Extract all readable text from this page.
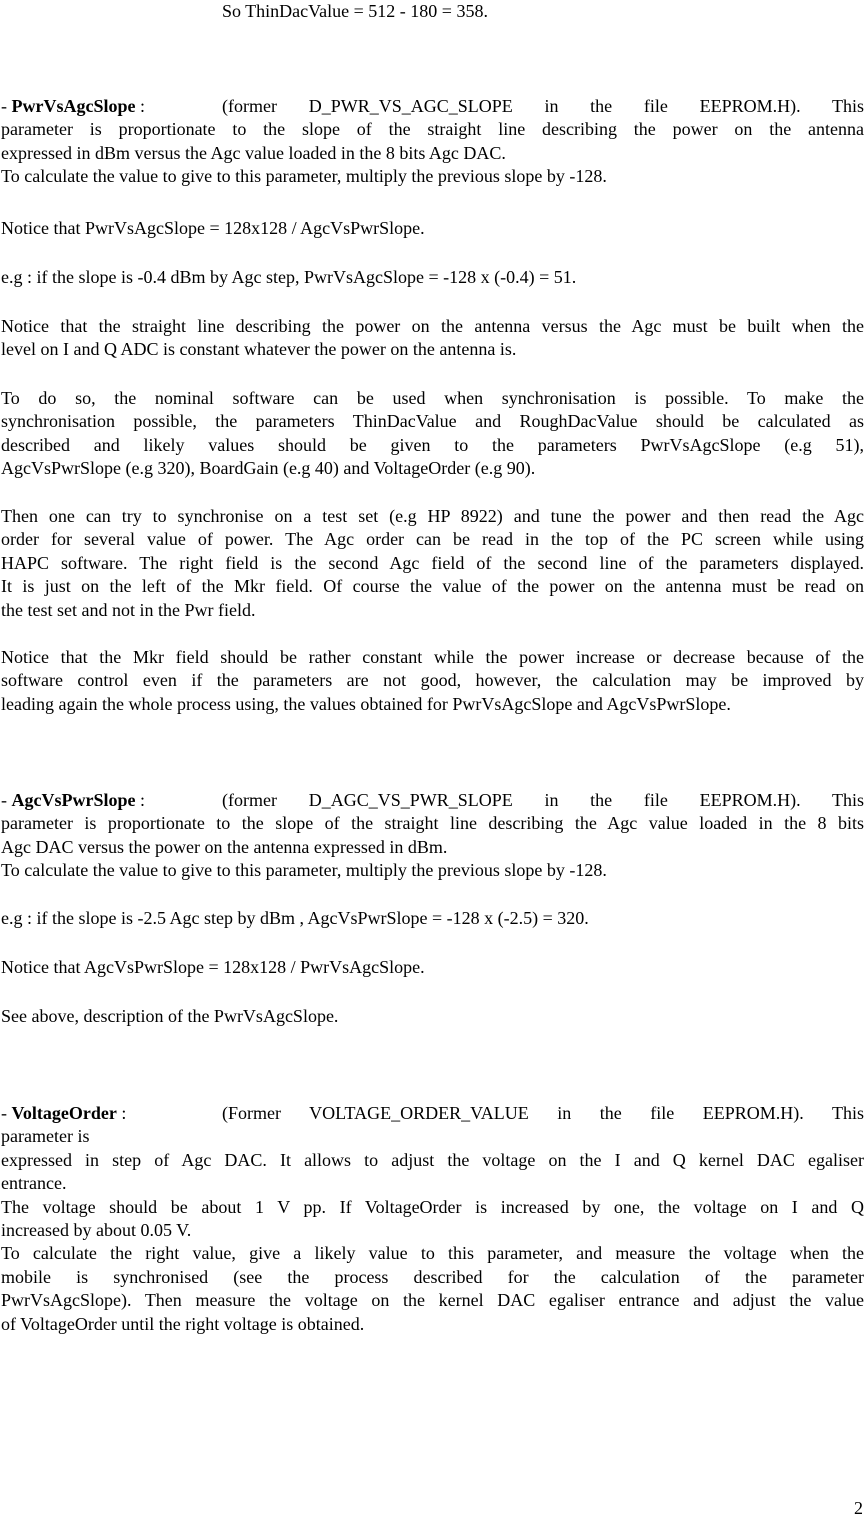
So ThinDacValue = 512 - 180 = 358.
- PwrVsAgcSlope :	(former D_PWR_VS_AGC_SLOPE in the file EEPROM.H). This
parameter is proportionate to the slope of the straight line describing the power on the antenna
expressed in dBm versus the Agc value loaded in the 8 bits Agc DAC.
To calculate the value to give to this parameter, multiply the previous slope by -128.
Notice that PwrVsAgcSlope = 128x128 / AgcVsPwrSlope.
e.g : if the slope is -0.4 dBm by Agc step, PwrVsAgcSlope = -128 x (-0.4) = 51.
Notice that the straight line describing the power on the antenna versus the Agc must be built when the
level on I and Q ADC is constant whatever the power on the antenna is.
To do so, the nominal software can be used when synchronisation is possible. To make the
synchronisation possible, the parameters ThinDacValue and RoughDacValue should be calculated as
described and likely values should be given to the parameters PwrVsAgcSlope (e.g 51),
AgcVsPwrSlope (e.g 320), BoardGain (e.g 40) and VoltageOrder (e.g 90).
Then one can try to synchronise on a test set (e.g HP 8922) and tune the power and then read the Agc
order for several value of power. The Agc order can be read in the top of the PC screen while using
HAPC software. The right field is the second Agc field of the second line of the parameters displayed.
It is just on the left of the Mkr field. Of course the value of the power on the antenna must be read on
the test set and not in the Pwr field.
Notice that the Mkr field should be rather constant while the power increase or decrease because of the
software control even if the parameters are not good, however, the calculation may be improved by
leading again the whole process using, the values obtained for PwrVsAgcSlope and AgcVsPwrSlope.
- AgcVsPwrSlope :	(former D_AGC_VS_PWR_SLOPE in the file EEPROM.H). This
parameter is proportionate to the slope of the straight line describing the Agc value loaded in the 8 bits
Agc DAC versus the power on the antenna expressed in dBm.
To calculate the value to give to this parameter, multiply the previous slope by -128.
e.g : if the slope is -2.5 Agc step by dBm , AgcVsPwrSlope = -128 x (-2.5) = 320.
Notice that AgcVsPwrSlope = 128x128 / PwrVsAgcSlope.
See above, description of the PwrVsAgcSlope.
- VoltageOrder :	(Former VOLTAGE_ORDER_VALUE in the file EEPROM.H). This
parameter is
expressed in step of Agc DAC. It allows to adjust the voltage on the I and Q kernel DAC egaliser
entrance.
The voltage should be about 1 V pp. If VoltageOrder is increased by one, the voltage on I and Q
increased by about 0.05 V.
To calculate the right value, give a likely value to this parameter, and measure the voltage when the
mobile is synchronised (see the process described for the calculation of the parameter
PwrVsAgcSlope). Then measure the voltage on the kernel DAC egaliser entrance and adjust the value
of VoltageOrder until the right voltage is obtained.
2
